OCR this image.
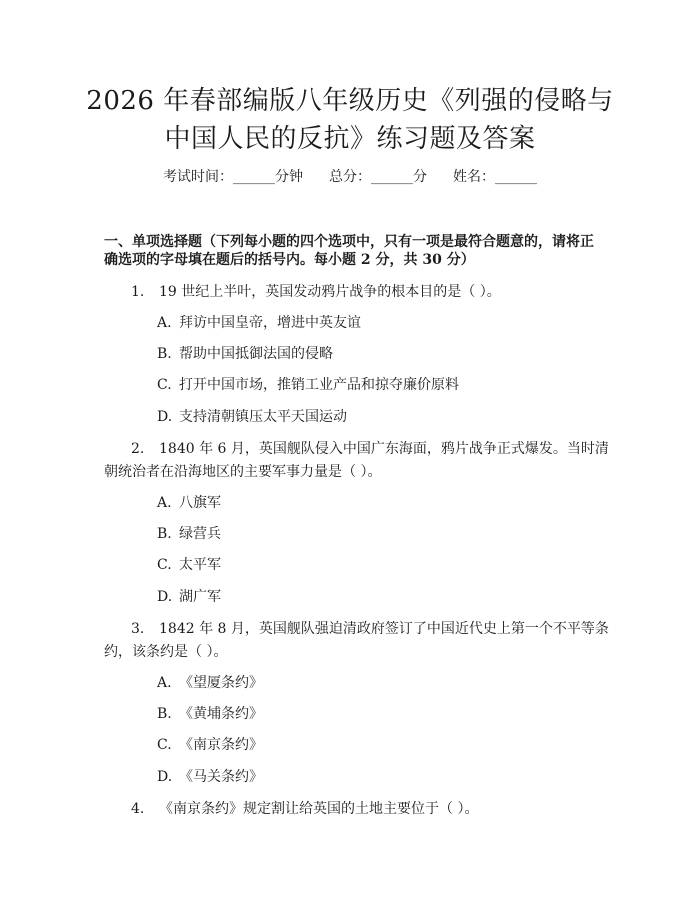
2026 年春部编版八年级历史《列强的侵略与
中国人民的反抗》练习题及答案
考试时间：______分钟 总分：______分 姓名：______
一、单项选择题（下列每小题的四个选项中，只有一项是最符合题意的，请将正
确选项的字母填在题后的括号内。每小题 2 分，共 30 分）
1. 19 世纪上半叶，英国发动鸦片战争的根本目的是（ ）。
A. 拜访中国皇帝，增进中英友谊
B. 帮助中国抵御法国的侵略
C. 打开中国市场，推销工业产品和掠夺廉价原料
D. 支持清朝镇压太平天国运动
2. 1840 年 6 月，英国舰队侵入中国广东海面，鸦片战争正式爆发。当时清
朝统治者在沿海地区的主要军事力量是（ ）。
A. 八旗军
B. 绿营兵
C. 太平军
D. 湖广军
3. 1842 年 8 月，英国舰队强迫清政府签订了中国近代史上第一个不平等条
约，该条约是（ ）。
A. 《望厦条约》
B. 《黄埔条约》
C. 《南京条约》
D. 《马关条约》
4. 《南京条约》规定割让给英国的土地主要位于（ ）。
